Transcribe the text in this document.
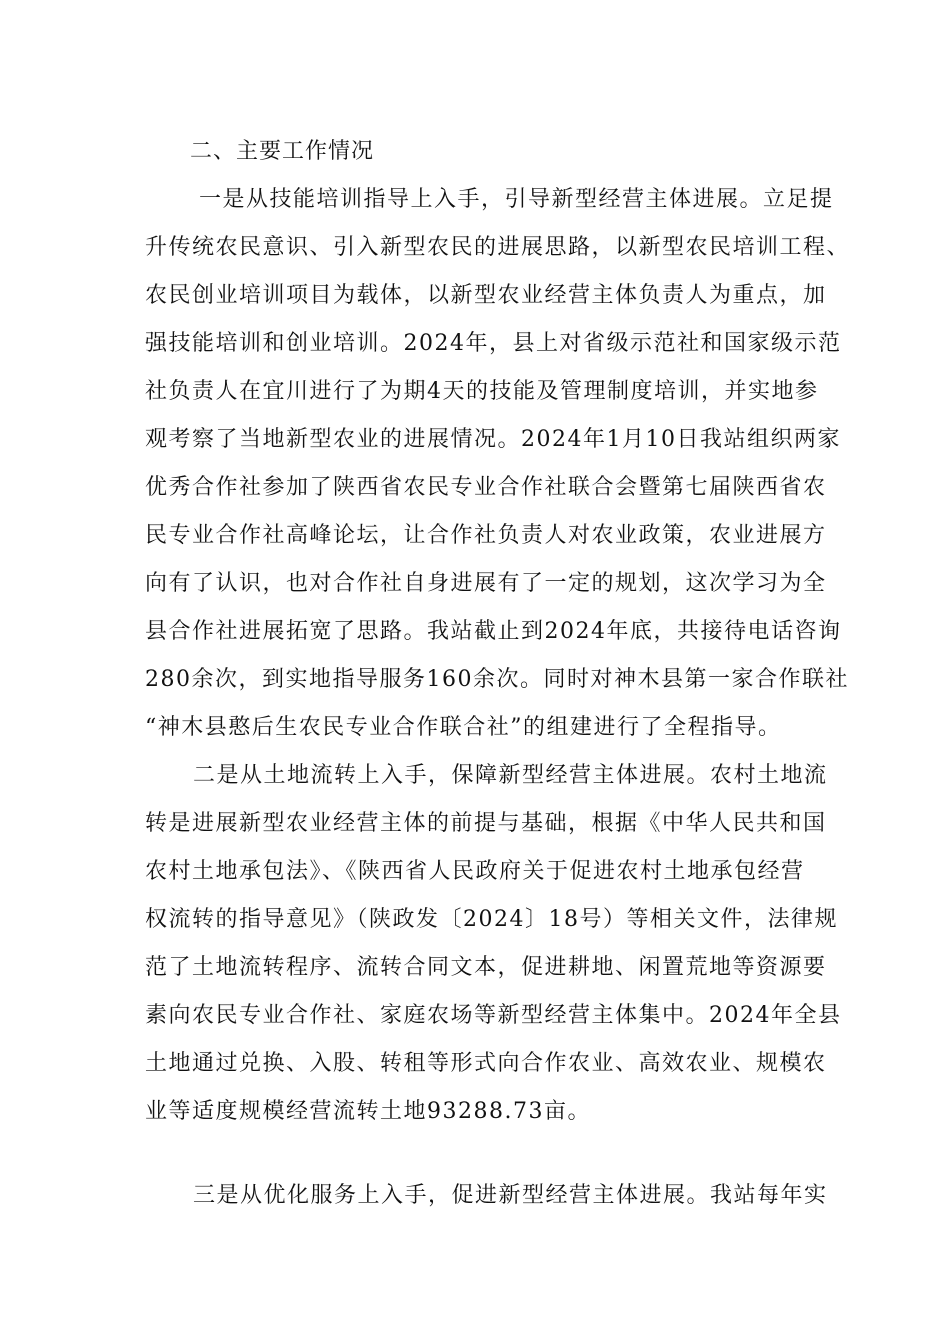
二、主要工作情况
一是从技能培训指导上入手，引导新型经营主体进展。立足提
升传统农民意识、引入新型农民的进展思路，以新型农民培训工程、
农民创业培训项目为载体，以新型农业经营主体负责人为重点，加
强技能培训和创业培训。2024年，县上对省级示范社和国家级示范
社负责人在宜川进行了为期4天的技能及管理制度培训，并实地参
观考察了当地新型农业的进展情况。2024年1月10日我站组织两家
优秀合作社参加了陕西省农民专业合作社联合会暨第七届陕西省农
民专业合作社高峰论坛，让合作社负责人对农业政策，农业进展方
向有了认识，也对合作社自身进展有了一定的规划，这次学习为全
县合作社进展拓宽了思路。我站截止到2024年底，共接待电话咨询
280余次，到实地指导服务160余次。同时对神木县第一家合作联社
“神木县憨后生农民专业合作联合社”的组建进行了全程指导。
二是从土地流转上入手，保障新型经营主体进展。农村土地流
转是进展新型农业经营主体的前提与基础，根据《中华人民共和国
农村土地承包法》、《陕西省人民政府关于促进农村土地承包经营
权流转的指导意见》（陕政发〔2024〕18号）等相关文件，法律规
范了土地流转程序、流转合同文本，促进耕地、闲置荒地等资源要
素向农民专业合作社、家庭农场等新型经营主体集中。2024年全县
土地通过兑换、入股、转租等形式向合作农业、高效农业、规模农
业等适度规模经营流转土地93288.73亩。
三是从优化服务上入手，促进新型经营主体进展。我站每年实
